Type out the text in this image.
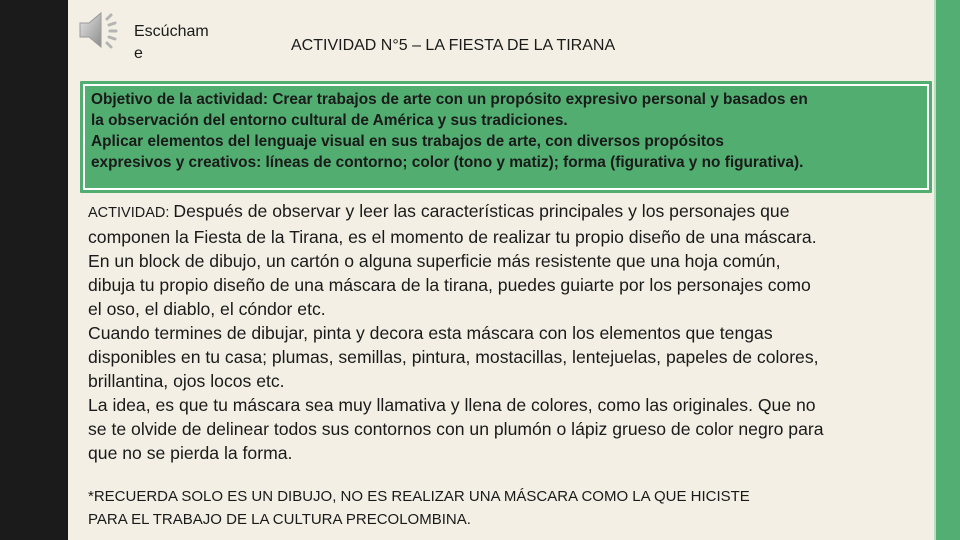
Escúcham
e	ACTIVIDAD N°5 – LA FIESTA DE LA TIRANA
Objetivo de la actividad: Crear trabajos de arte con un propósito expresivo personal y basados en
la observación del entorno cultural de América y sus tradiciones.
Aplicar elementos del lenguaje visual en sus trabajos de arte, con diversos propósitos
expresivos y creativos: líneas de contorno; color (tono y matiz); forma (figurativa y no figurativa).
ACTIVIDAD: Después de observar y leer las características principales y los personajes que
componen la Fiesta de la Tirana, es el momento de realizar tu propio diseño de una máscara.
En un block de dibujo, un cartón o alguna superficie más resistente que una hoja común,
dibuja tu propio diseño de una máscara de la tirana, puedes guiarte por los personajes como
el oso, el diablo, el cóndor etc.
Cuando termines de dibujar, pinta y decora esta máscara con los elementos que tengas
disponibles en tu casa; plumas, semillas, pintura, mostacillas, lentejuelas, papeles de colores,
brillantina, ojos locos etc.
La idea, es que tu máscara sea muy llamativa y llena de colores, como las originales. Que no
se te olvide de delinear todos sus contornos con un plumón o lápiz grueso de color negro para
que no se pierda la forma.
*RECUERDA SOLO ES UN DIBUJO, NO ES REALIZAR UNA MÁSCARA COMO LA QUE HICISTE
PARA EL TRABAJO DE LA CULTURA PRECOLOMBINA.
